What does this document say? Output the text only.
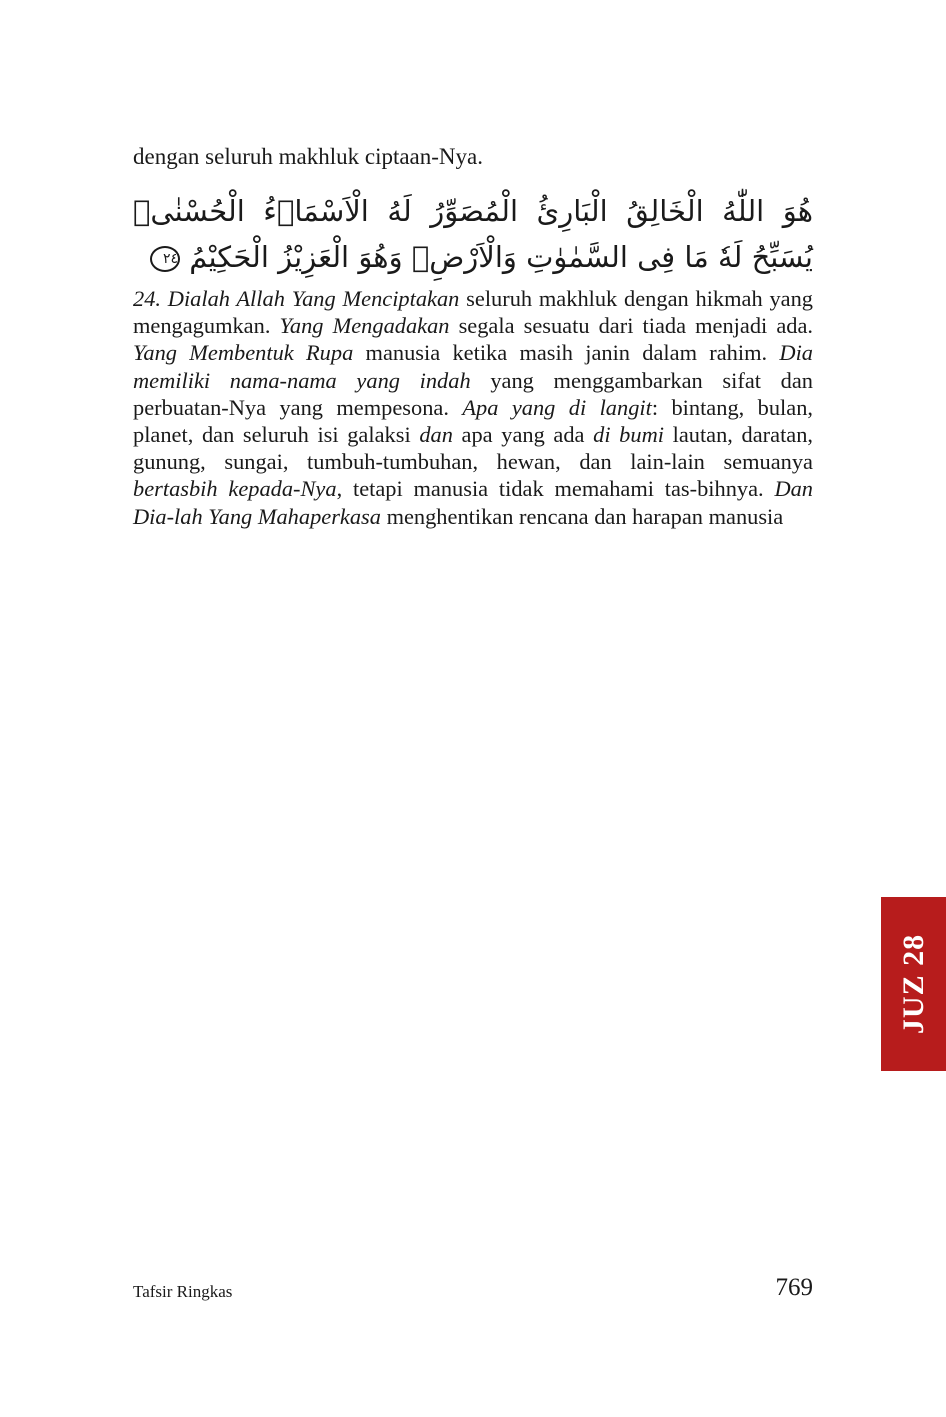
dengan seluruh makhluk ciptaan-Nya.

هُوَ اللّٰهُ الْخَالِقُ الْبَارِئُ الْمُصَوِّرُ لَهُ الْاَسْمَاۤءُ الْحُسْنٰىۗ يُسَبِّحُ لَهٗ مَا فِى السَّمٰوٰتِ وَالْاَرْضِۚ وَهُوَ الْعَزِيْزُ الْحَكِيْمُ ٢٤

24. Dialah Allah Yang Menciptakan seluruh makhluk dengan hikmah yang mengagumkan. Yang Mengadakan segala sesuatu dari tiada menjadi ada. Yang Membentuk Rupa manusia ketika masih janin dalam rahim. Dia memiliki nama-nama yang indah yang menggambarkan sifat dan perbuatan-Nya yang mempesona. Apa yang di langit: bintang, bulan, planet, dan seluruh isi galaksi dan apa yang ada di bumi lautan, daratan, gunung, sungai, tumbuh-tumbuhan, hewan, dan lain-lain semuanya bertasbih kepada-Nya, tetapi manusia tidak memahami tas-bihnya. Dan Dia-lah Yang Mahaperkasa menghentikan rencana dan harapan manusia

JUZ 28

Tafsir Ringkas	769
